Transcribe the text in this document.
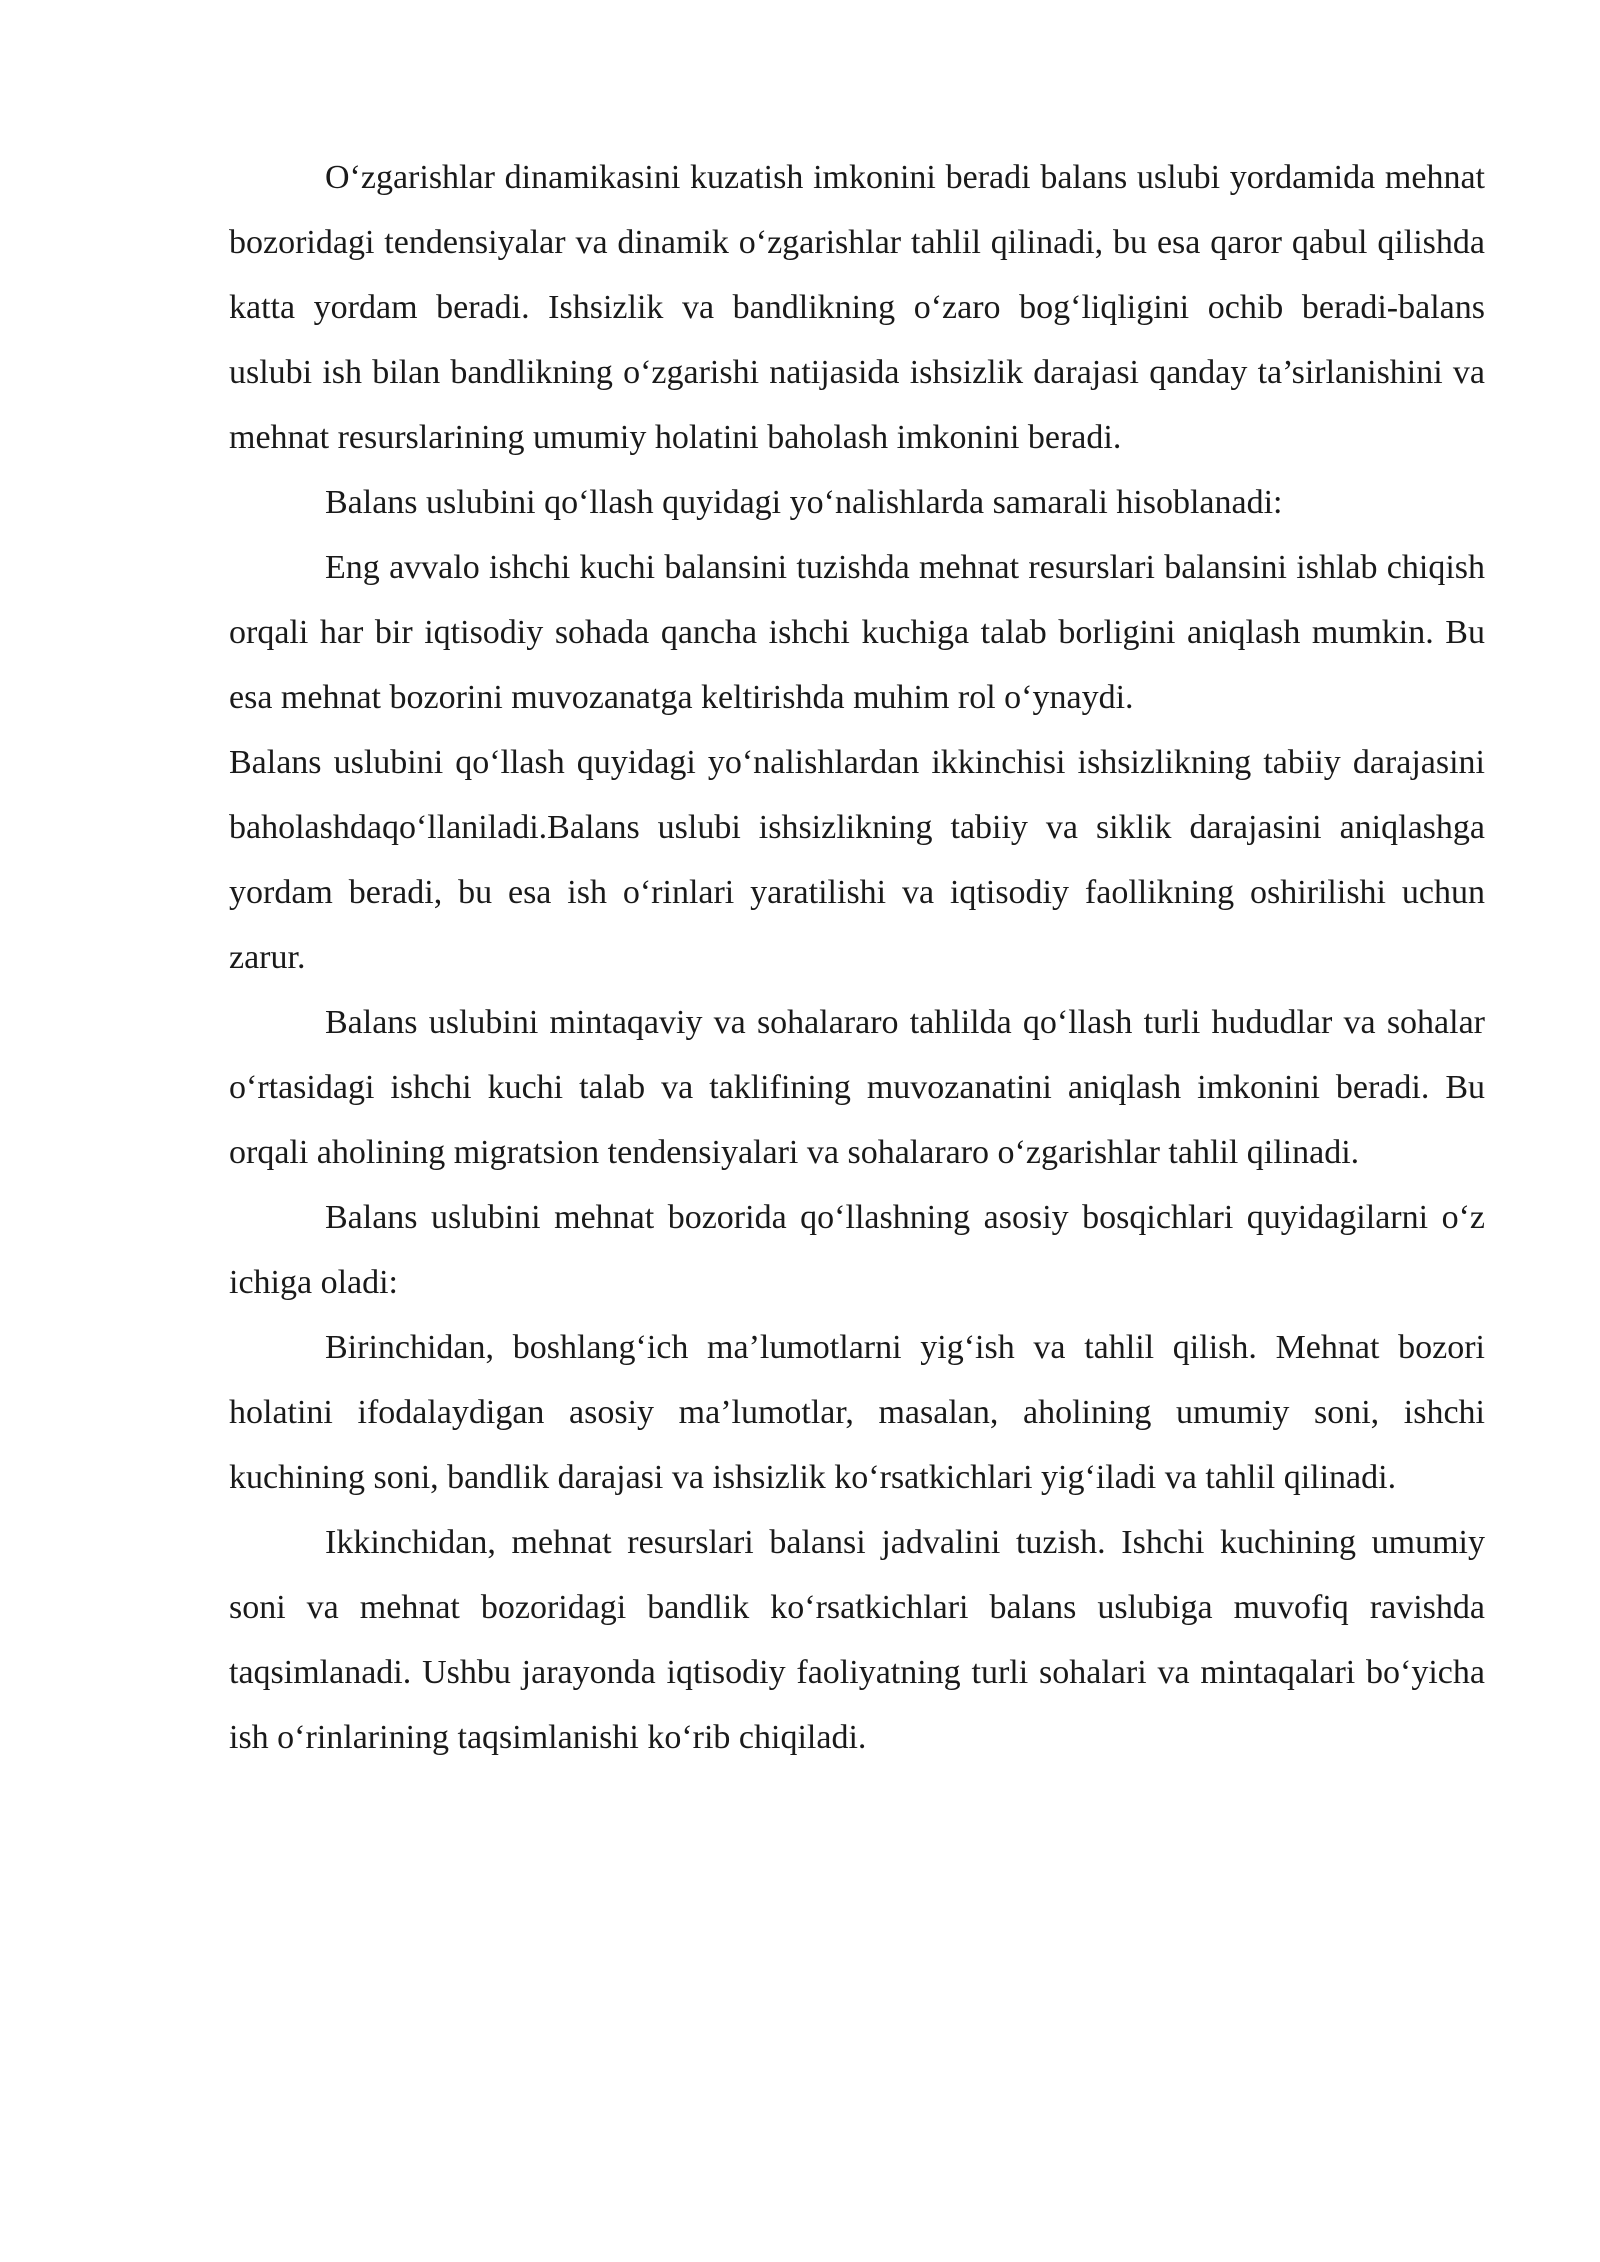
O‘zgarishlar dinamikasini kuzatish imkonini beradi balans uslubi yordamida mehnat bozoridagi tendensiyalar va dinamik o‘zgarishlar tahlil qilinadi, bu esa qaror qabul qilishda katta yordam beradi. Ishsizlik va bandlikning o‘zaro bog‘liqligini ochib beradi-balans uslubi ish bilan bandlikning o‘zgarishi natijasida ishsizlik darajasi qanday ta’sirlanishini va mehnat resurslarining umumiy holatini baholash imkonini beradi.

Balans uslubini qo‘llash quyidagi yo‘nalishlarda samarali hisoblanadi:

Eng avvalo ishchi kuchi balansini tuzishda mehnat resurslari balansini ishlab chiqish orqali har bir iqtisodiy sohada qancha ishchi kuchiga talab borligini aniqlash mumkin. Bu esa mehnat bozorini muvozanatga keltirishda muhim rol o‘ynaydi.

Balans uslubini qo‘llash quyidagi yo‘nalishlardan ikkinchisi ishsizlikning tabiiy darajasini baholashdaqo‘llaniladi.Balans uslubi ishsizlikning tabiiy va siklik darajasini aniqlashga yordam beradi, bu esa ish o‘rinlari yaratilishi va iqtisodiy faollikning oshirilishi uchun zarur.

Balans uslubini mintaqaviy va sohalararo tahlilda qo‘llash turli hududlar va sohalar o‘rtasidagi ishchi kuchi talab va taklifining muvozanatini aniqlash imkonini beradi. Bu orqali aholining migratsion tendensiyalari va sohalararo o‘zgarishlar tahlil qilinadi.

Balans uslubini mehnat bozorida qo‘llashning asosiy bosqichlari quyidagilarni o‘z ichiga oladi:

Birinchidan, boshlang‘ich ma’lumotlarni yig‘ish va tahlil qilish. Mehnat bozori holatini ifodalaydigan asosiy ma’lumotlar, masalan, aholining umumiy soni, ishchi kuchining soni, bandlik darajasi va ishsizlik ko‘rsatkichlari yig‘iladi va tahlil qilinadi.

Ikkinchidan, mehnat resurslari balansi jadvalini tuzish. Ishchi kuchining umumiy soni va mehnat bozoridagi bandlik ko‘rsatkichlari balans uslubiga muvofiq ravishda taqsimlanadi. Ushbu jarayonda iqtisodiy faoliyatning turli sohalari va mintaqalari bo‘yicha ish o‘rinlarining taqsimlanishi ko‘rib chiqiladi.
